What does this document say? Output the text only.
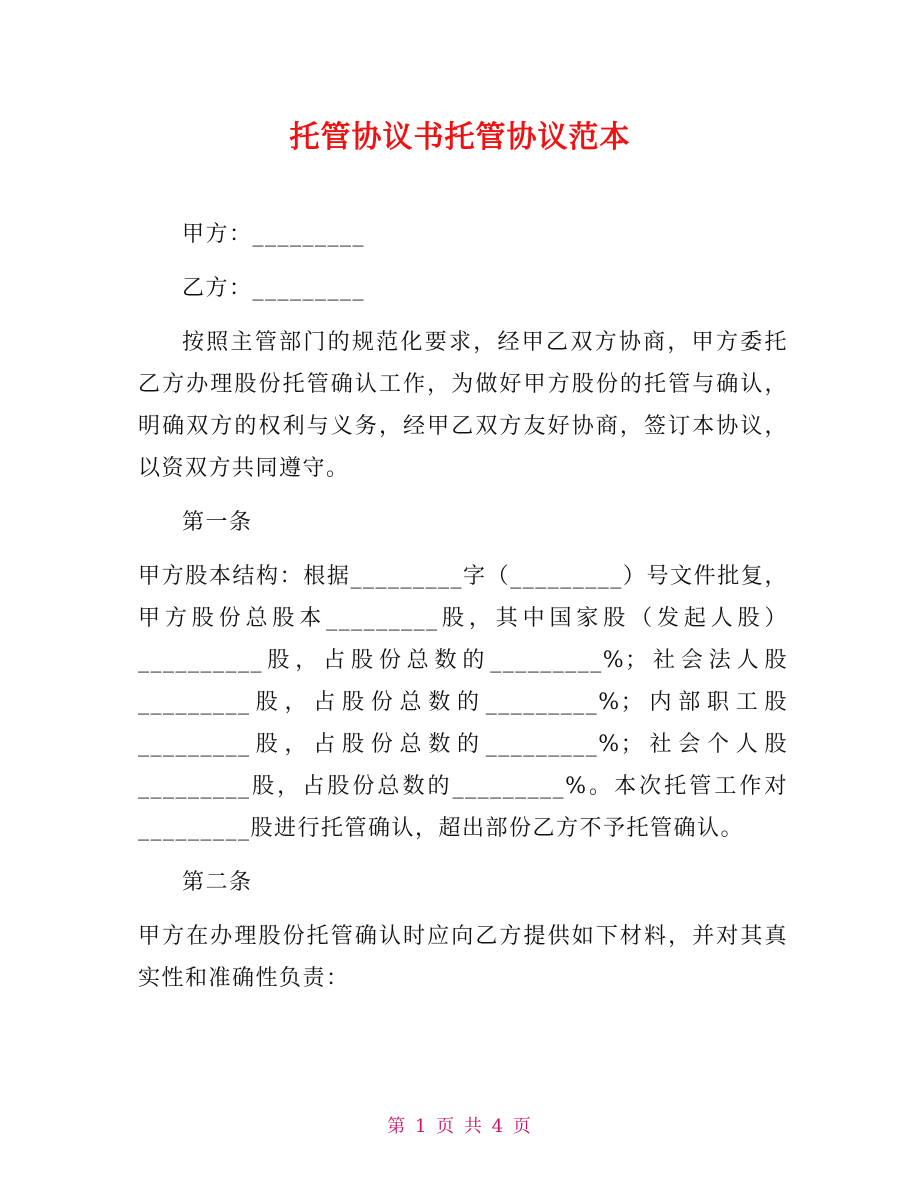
托管协议书托管协议范本

甲方：_________

乙方：_________

按照主管部门的规范化要求，经甲乙双方协商，甲方委托乙方办理股份托管确认工作，为做好甲方股份的托管与确认，明确双方的权利与义务，经甲乙双方友好协商，签订本协议，以资双方共同遵守。

第一条

甲方股本结构：根据_________字（_________）号文件批复，甲方股份总股本_________股，其中国家股（发起人股）__________股，占股份总数的_________%；社会法人股_________股，占股份总数的_________%；内部职工股_________股，占股份总数的_________%；社会个人股_________股，占股份总数的_________%。本次托管工作对_________股进行托管确认，超出部份乙方不予托管确认。

第二条

甲方在办理股份托管确认时应向乙方提供如下材料，并对其真实性和准确性负责：

第 1 页 共 4 页
